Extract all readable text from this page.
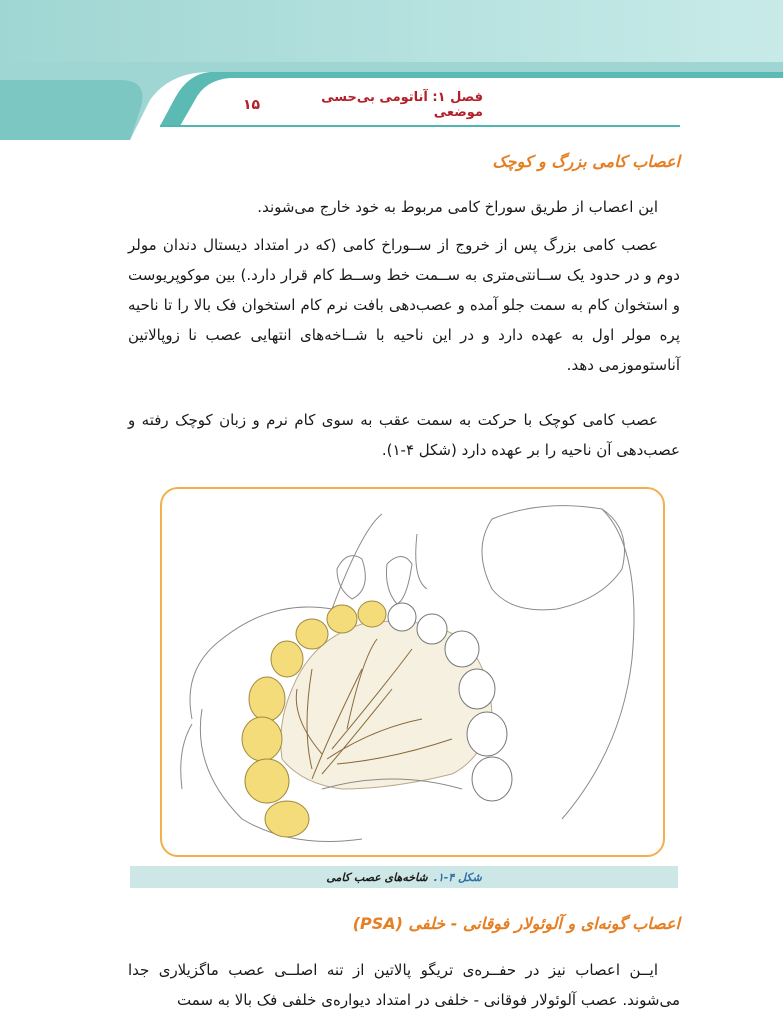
فصل ۱: آناتومی بی‌حسی موضعی
۱۵
اعصاب کامی بزرگ و کوچک

این اعصاب از طریق سوراخ کامی مربوط به خود خارج می‌شوند.

عصب کامی بزرگ پس از خروج از ســوراخ کامی (که در امتداد دیستال دندان مولر دوم و در حدود یک ســانتی‌متری به ســمت خط وســط کام قرار دارد.) بین موکوپریوست و استخوان کام به سمت جلو آمده و عصب‌دهی بافت نرم کام استخوان فک بالا را تا ناحیه پره مولر اول به عهده دارد و در این ناحیه با شــاخه‌های انتهایی عصب نا زوپالاتین آناستوموزمی دهد.

عصب کامی کوچک با حرکت به سمت عقب به سوی کام نرم و زبان کوچک رفته و عصب‌دهی آن ناحیه را بر عهده دارد (شکل ۴-۱).

شکل ۴-۱.
شاخه‌های عصب کامی
اعصاب گونه‌ای و آلوئولار فوقانی - خلفی (PSA)

ایــن اعصاب نیز در حفــره‌ی تریگو پالاتین از تنه اصلــی عصب ماگزیلاری جدا می‌شوند. عصب آلوئولار فوقانی - خلفی در امتداد دیواره‌ی خلفی فک بالا به سمت
